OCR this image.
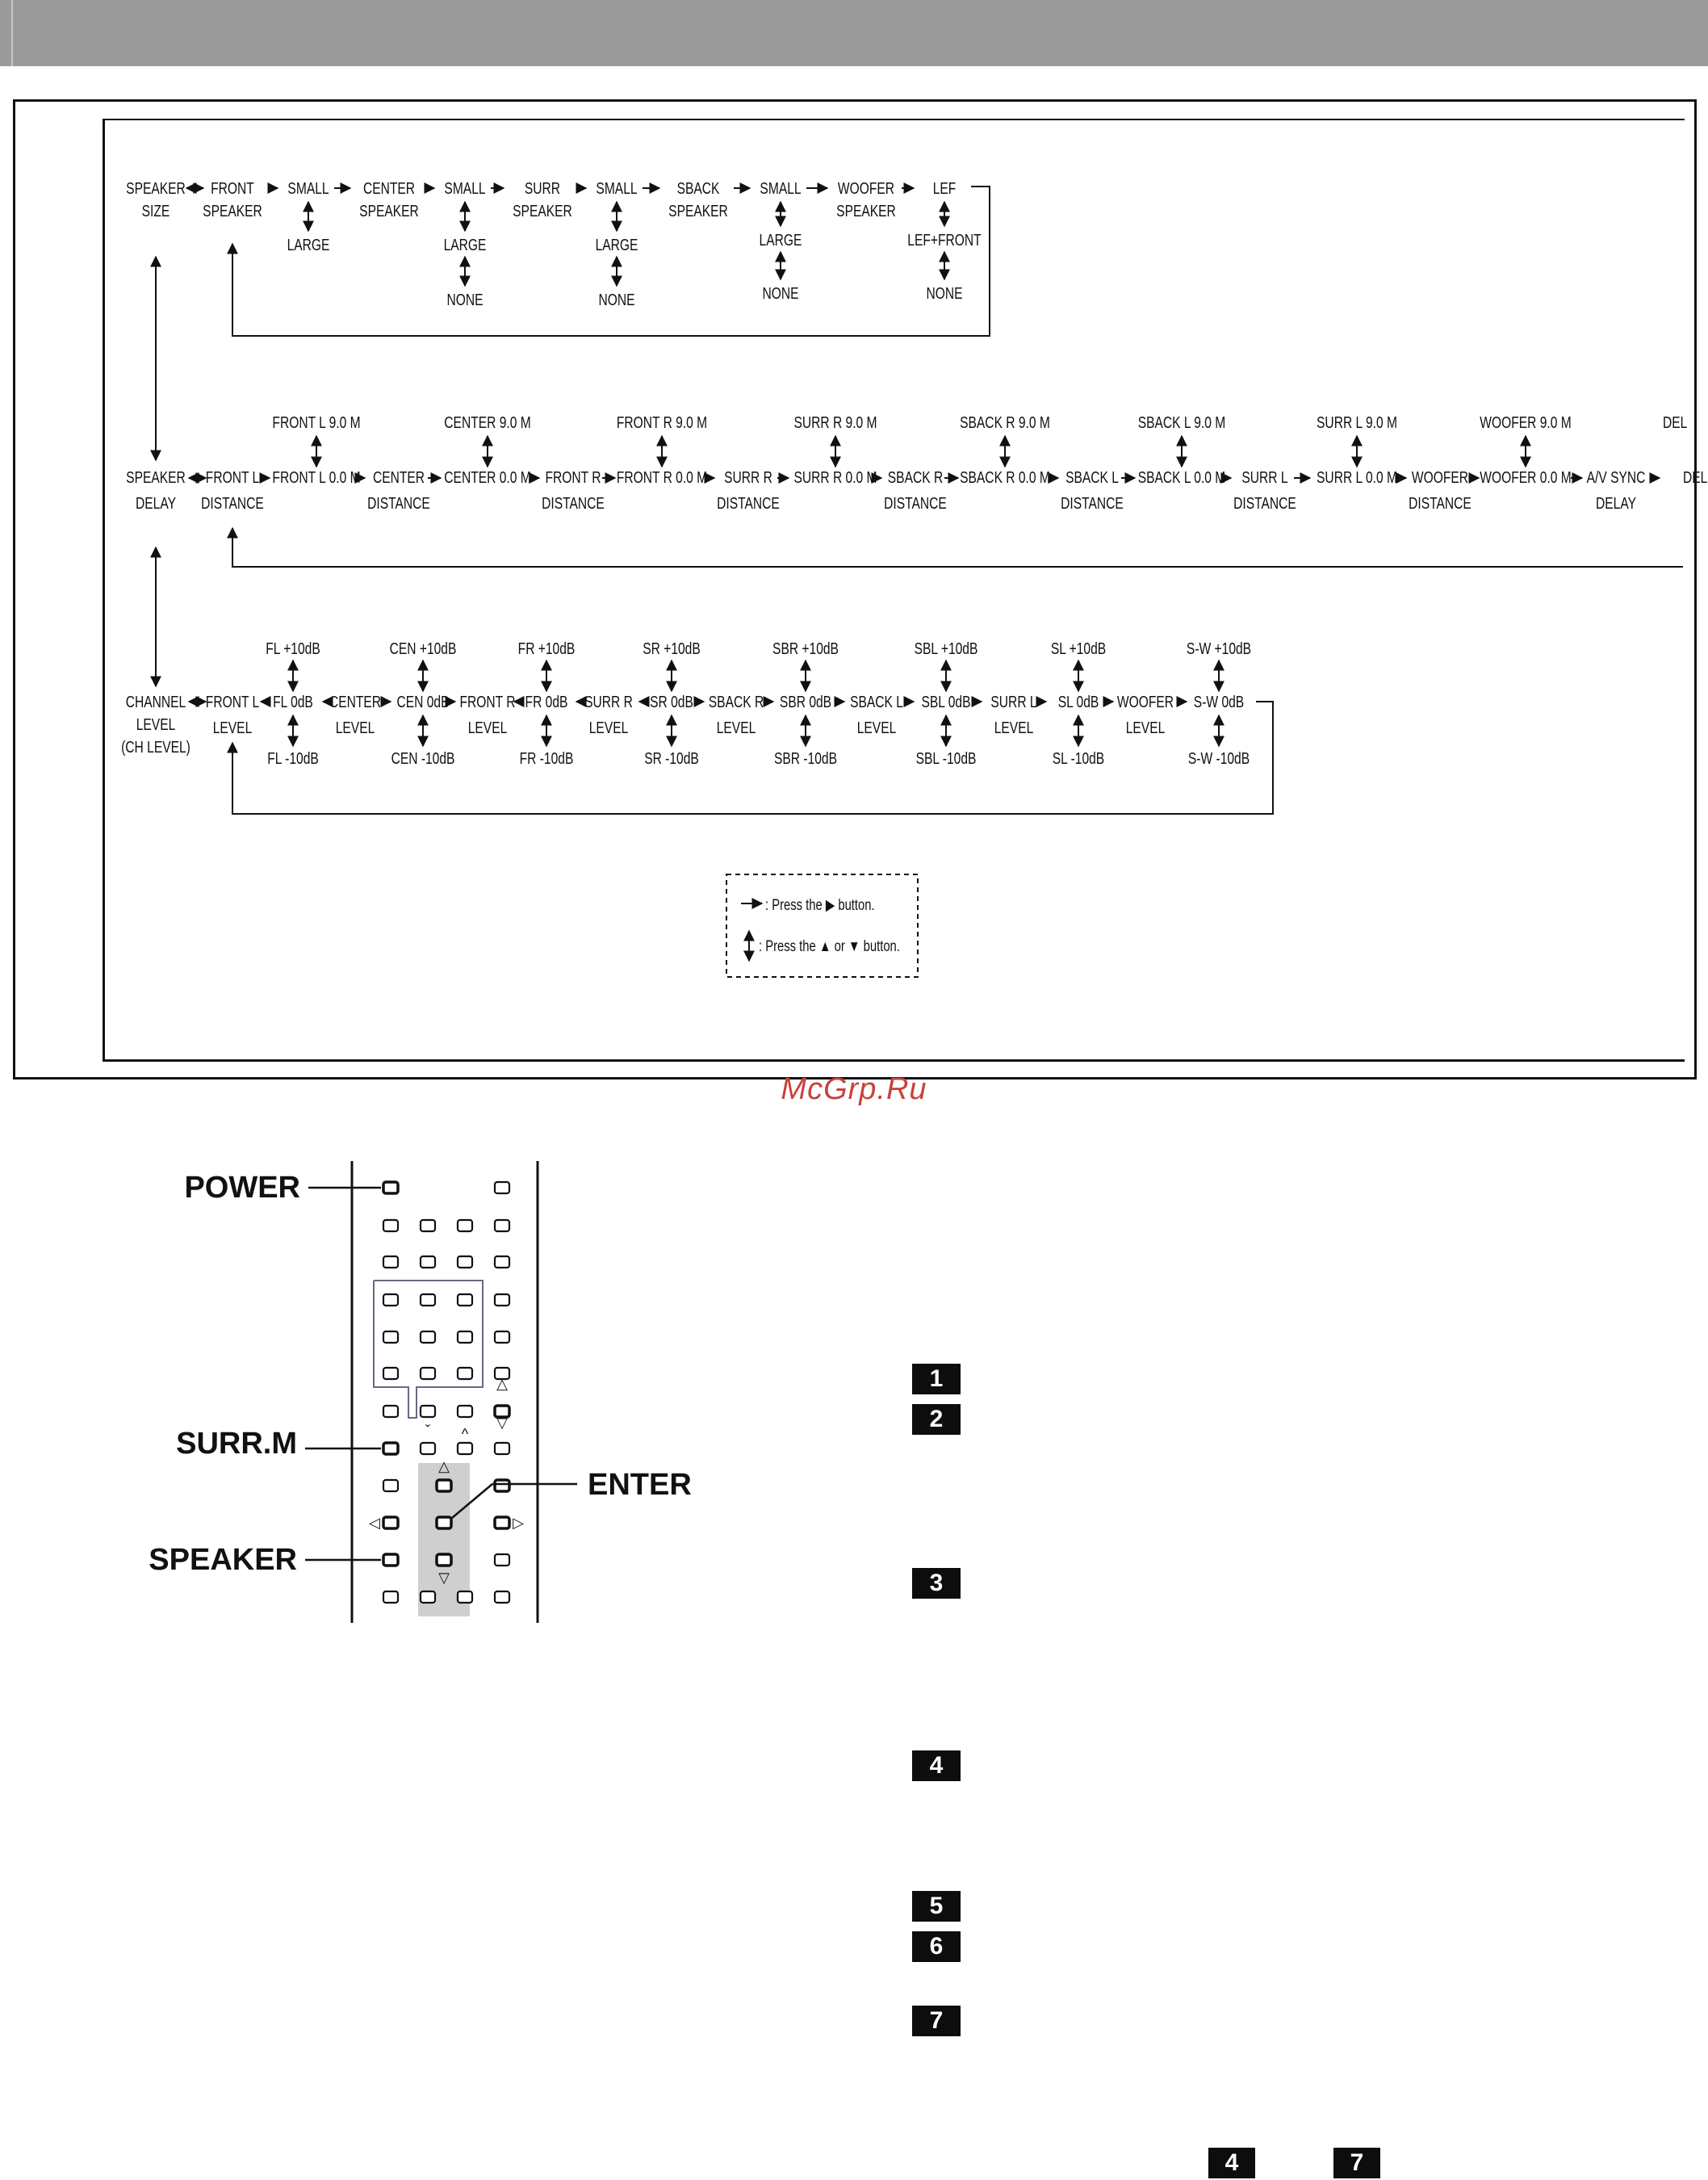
SPEAKER
SIZE
FRONT
SPEAKER
SMALL
LARGE
CENTER
SPEAKER
SMALL
LARGE
NONE
SURR
SPEAKER
SMALL
LARGE
NONE
SBACK
SPEAKER
SMALL
LARGE
NONE
WOOFER
SPEAKER
LEF
LEF+FRONT
NONE
SPEAKER
DELAY
FRONT L
DISTANCE
FRONT L 0.0 M
FRONT L 9.0 M
CENTER
DISTANCE
CENTER 0.0 M
CENTER 9.0 M
FRONT R
DISTANCE
FRONT R 0.0 M
FRONT R 9.0 M
SURR R
DISTANCE
SURR R 0.0 M
SURR R 9.0 M
SBACK R
DISTANCE
SBACK R 0.0 M
SBACK R 9.0 M
SBACK L
DISTANCE
SBACK L 0.0 M
SBACK L 9.0 M
SURR L
DISTANCE
SURR L 0.0 M
SURR L 9.0 M
WOOFER
DISTANCE
WOOFER 0.0 M
WOOFER 9.0 M
A/V SYNC
DELAY
DEL
DEL
CHANNEL
LEVEL
(CH LEVEL)
FRONT L
LEVEL
FL 0dB
FL +10dB
FL -10dB
CENTER
LEVEL
CEN 0dB
CEN +10dB
CEN -10dB
FRONT R
LEVEL
FR 0dB
FR +10dB
FR -10dB
SURR R
LEVEL
SR 0dB
SR +10dB
SR -10dB
SBACK R
LEVEL
SBR 0dB
SBR +10dB
SBR -10dB
SBACK L
LEVEL
SBL 0dB
SBL +10dB
SBL -10dB
SURR L
LEVEL
SL 0dB
SL +10dB
SL -10dB
WOOFER
LEVEL
S-W 0dB
S-W +10dB
S-W -10dB
: Press the ▶ button.
: Press the ▲ or ▼ button.
McGrp.Ru
ˇ ^
△
▽
◁	▷
△
▽
POWER
SURR.M
SPEAKER
ENTER
1
2
3
4
5
6
7
4	7
